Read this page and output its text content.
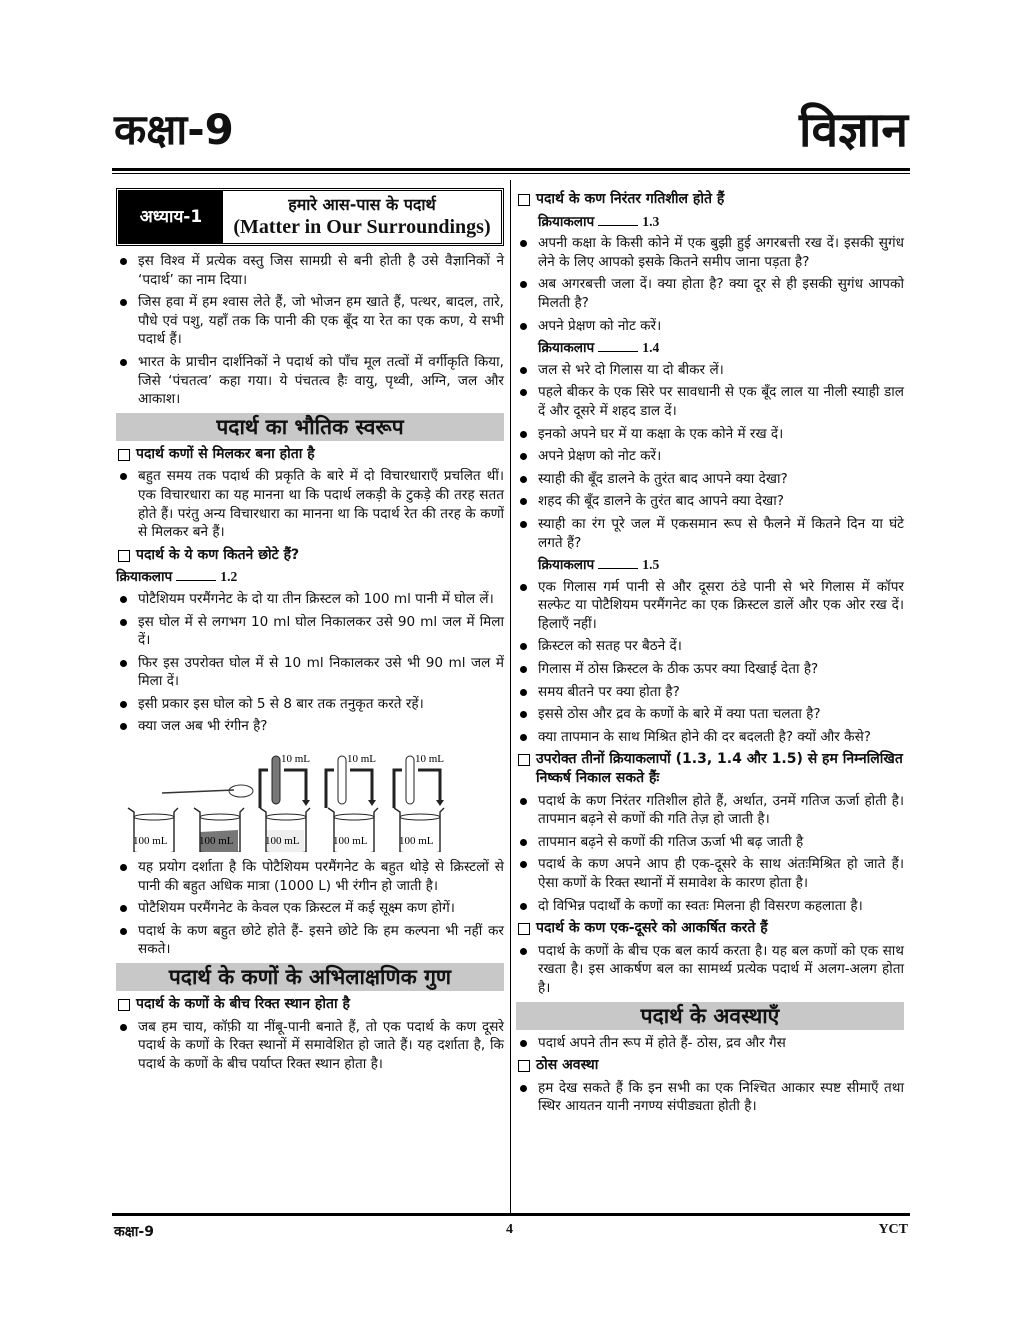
कक्षा-9	विज्ञान
अध्याय-1
हमारे आस-पास के पदार्थ
(Matter in Our Surroundings)
इस विश्व में प्रत्येक वस्तु जिस सामग्री से बनी होती है उसे वैज्ञानिकों ने ‘पदार्थ’ का नाम दिया।
जिस हवा में हम श्वास लेते हैं, जो भोजन हम खाते हैं, पत्थर, बादल, तारे, पौधे एवं पशु, यहाँ तक कि पानी की एक बूँद या रेत का एक कण, ये सभी पदार्थ हैं।
भारत के प्राचीन दार्शनिकों ने पदार्थ को पाँच मूल तत्वों में वर्गीकृति किया, जिसे ‘पंचतत्व’ कहा गया। ये पंचतत्व हैः वायु, पृथ्वी, अग्नि, जल और आकाश।
पदार्थ का भौतिक स्वरूप
पदार्थ कणों से मिलकर बना होता है
बहुत समय तक पदार्थ की प्रकृति के बारे में दो विचारधाराएँ प्रचलित थीं। एक विचारधारा का यह मानना था कि पदार्थ लकड़ी के टुकड़े की तरह सतत होते हैं। परंतु अन्य विचारधारा का मानना था कि पदार्थ रेत की तरह के कणों से मिलकर बने हैं।
पदार्थ के ये कण कितने छोटे हैं?
क्रियाकलाप	1.2
पोटैशियम परमैंगनेट के दो या तीन क्रिस्टल को 100 ml पानी में घोल लें।
इस घोल में से लगभग 10 ml घोल निकालकर उसे 90 ml जल में मिला दें।
फिर इस उपरोक्त घोल में से 10 ml निकालकर उसे भी 90 ml जल में मिला दें।
इसी प्रकार इस घोल को 5 से 8 बार तक तनुकृत करते रहें।
क्या जल अब भी रंगीन है?
100 mL	100 mL	100 mL	100 mL	100 mL
10 mL	10 mL	10 mL
यह प्रयोग दर्शाता है कि पोटैशियम परमैंगनेट के बहुत थोड़े से क्रिस्टलों से पानी की बहुत अधिक मात्रा (1000 L) भी रंगीन हो जाती है।
पोटैशियम परमैंगनेट के केवल एक क्रिस्टल में कई सूक्ष्म कण होगें।
पदार्थ के कण बहुत छोटे होते हैं- इसने छोटे कि हम कल्पना भी नहीं कर सकते।
पदार्थ के कणों के अभिलाक्षणिक गुण
पदार्थ के कणों के बीच रिक्त स्थान होता है
जब हम चाय, कॉफ़ी या नींबू-पानी बनाते हैं, तो एक पदार्थ के कण दूसरे पदार्थ के कणों के रिक्त स्थानों में समावेशित हो जाते हैं। यह दर्शाता है, कि पदार्थ के कणों के बीच पर्याप्त रिक्त स्थान होता है।
पदार्थ के कण निरंतर गतिशील होते हैं
क्रियाकलाप	1.3
अपनी कक्षा के किसी कोने में एक बुझी हुई अगरबत्ती रख दें। इसकी सुगंध लेने के लिए आपको इसके कितने समीप जाना पड़ता है?
अब अगरबत्ती जला दें। क्या होता है? क्या दूर से ही इसकी सुगंध आपको मिलती है?
अपने प्रेक्षण को नोट करें।
क्रियाकलाप	1.4
जल से भरे दो गिलास या दो बीकर लें।
पहले बीकर के एक सिरे पर सावधानी से एक बूँद लाल या नीली स्याही डाल दें और दूसरे में शहद डाल दें।
इनको अपने घर में या कक्षा के एक कोने में रख दें।
अपने प्रेक्षण को नोट करें।
स्याही की बूँद डालने के तुरंत बाद आपने क्या देखा?
शहद की बूँद डालने के तुरंत बाद आपने क्या देखा?
स्याही का रंग पूरे जल में एकसमान रूप से फैलने में कितने दिन या घंटे लगते हैं?
क्रियाकलाप	1.5
एक गिलास गर्म पानी से और दूसरा ठंडे पानी से भरे गिलास में कॉपर सल्फेट या पोटैशियम परमैंगनेट का एक क्रिस्टल डालें और एक ओर रख दें। हिलाएँ नहीं।
क्रिस्टल को सतह पर बैठने दें।
गिलास में ठोस क्रिस्टल के ठीक ऊपर क्या दिखाई देता है?
समय बीतने पर क्या होता है?
इससे ठोस और द्रव के कणों के बारे में क्या पता चलता है?
क्या तापमान के साथ मिश्रित होने की दर बदलती है? क्यों और कैसे?
उपरोक्त तीनों क्रियाकलापों (1.3, 1.4 और 1.5) से हम निम्नलिखित निष्कर्ष निकाल सकते हैंः
पदार्थ के कण निरंतर गतिशील होते हैं, अर्थात, उनमें गतिज ऊर्जा होती है। तापमान बढ़ने से कणों की गति तेज़ हो जाती है।
तापमान बढ़ने से कणों की गतिज ऊर्जा भी बढ़ जाती है
पदार्थ के कण अपने आप ही एक-दूसरे के साथ अंतःमिश्रित हो जाते हैं। ऐसा कणों के रिक्त स्थानों में समावेश के कारण होता है।
दो विभिन्न पदार्थों के कणों का स्वतः मिलना ही विसरण कहलाता है।
पदार्थ के कण एक-दूसरे को आकर्षित करते हैं
पदार्थ के कणों के बीच एक बल कार्य करता है। यह बल कणों को एक साथ रखता है। इस आकर्षण बल का सामर्थ्य प्रत्येक पदार्थ में अलग-अलग होता है।
पदार्थ के अवस्थाएँ
पदार्थ अपने तीन रूप में होते हैं- ठोस, द्रव और गैस
ठोस अवस्था
हम देख सकते हैं कि इन सभी का एक निश्चित आकार स्पष्ट सीमाएँ तथा स्थिर आयतन यानी नगण्य संपीड्यता होती है।
कक्षा-9	4	YCT
